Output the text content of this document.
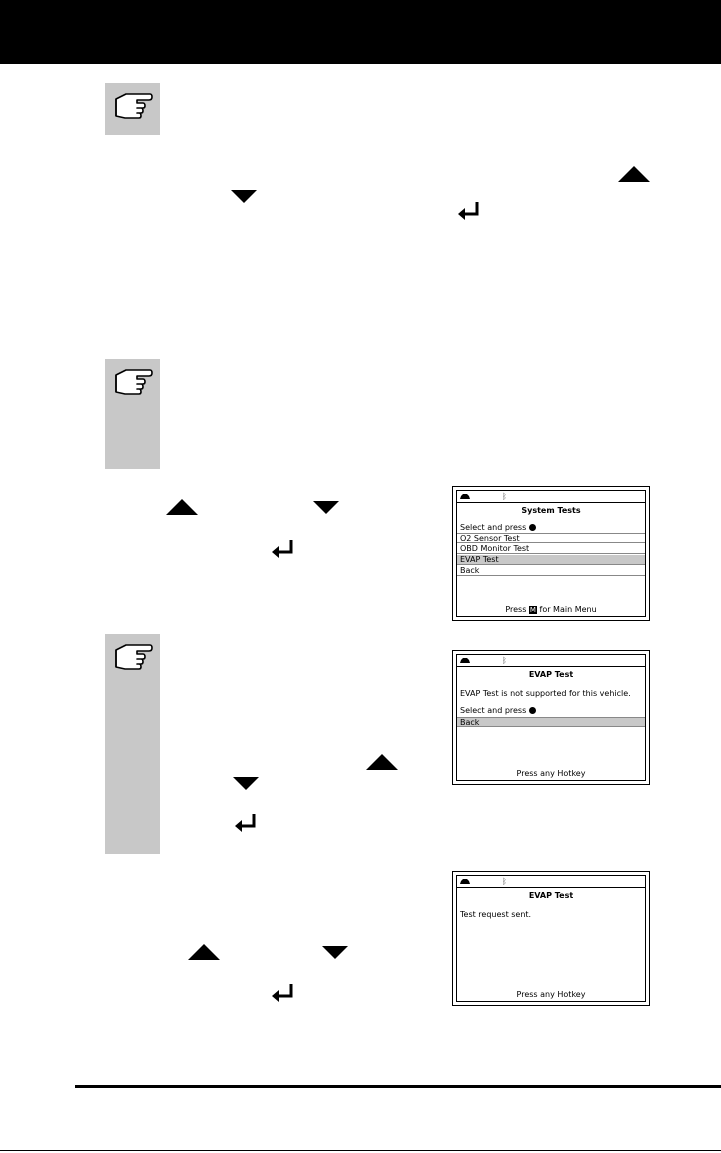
ᛒ
System Tests
Select and press
O2 Sensor Test
OBD Monitor Test
EVAP Test
Back
Press M for Main Menu
ᛒ
EVAP Test
EVAP Test is not supported for this vehicle.
Select and press
Back
Press any Hotkey
ᛒ
EVAP Test
Test request sent.
Press any Hotkey
